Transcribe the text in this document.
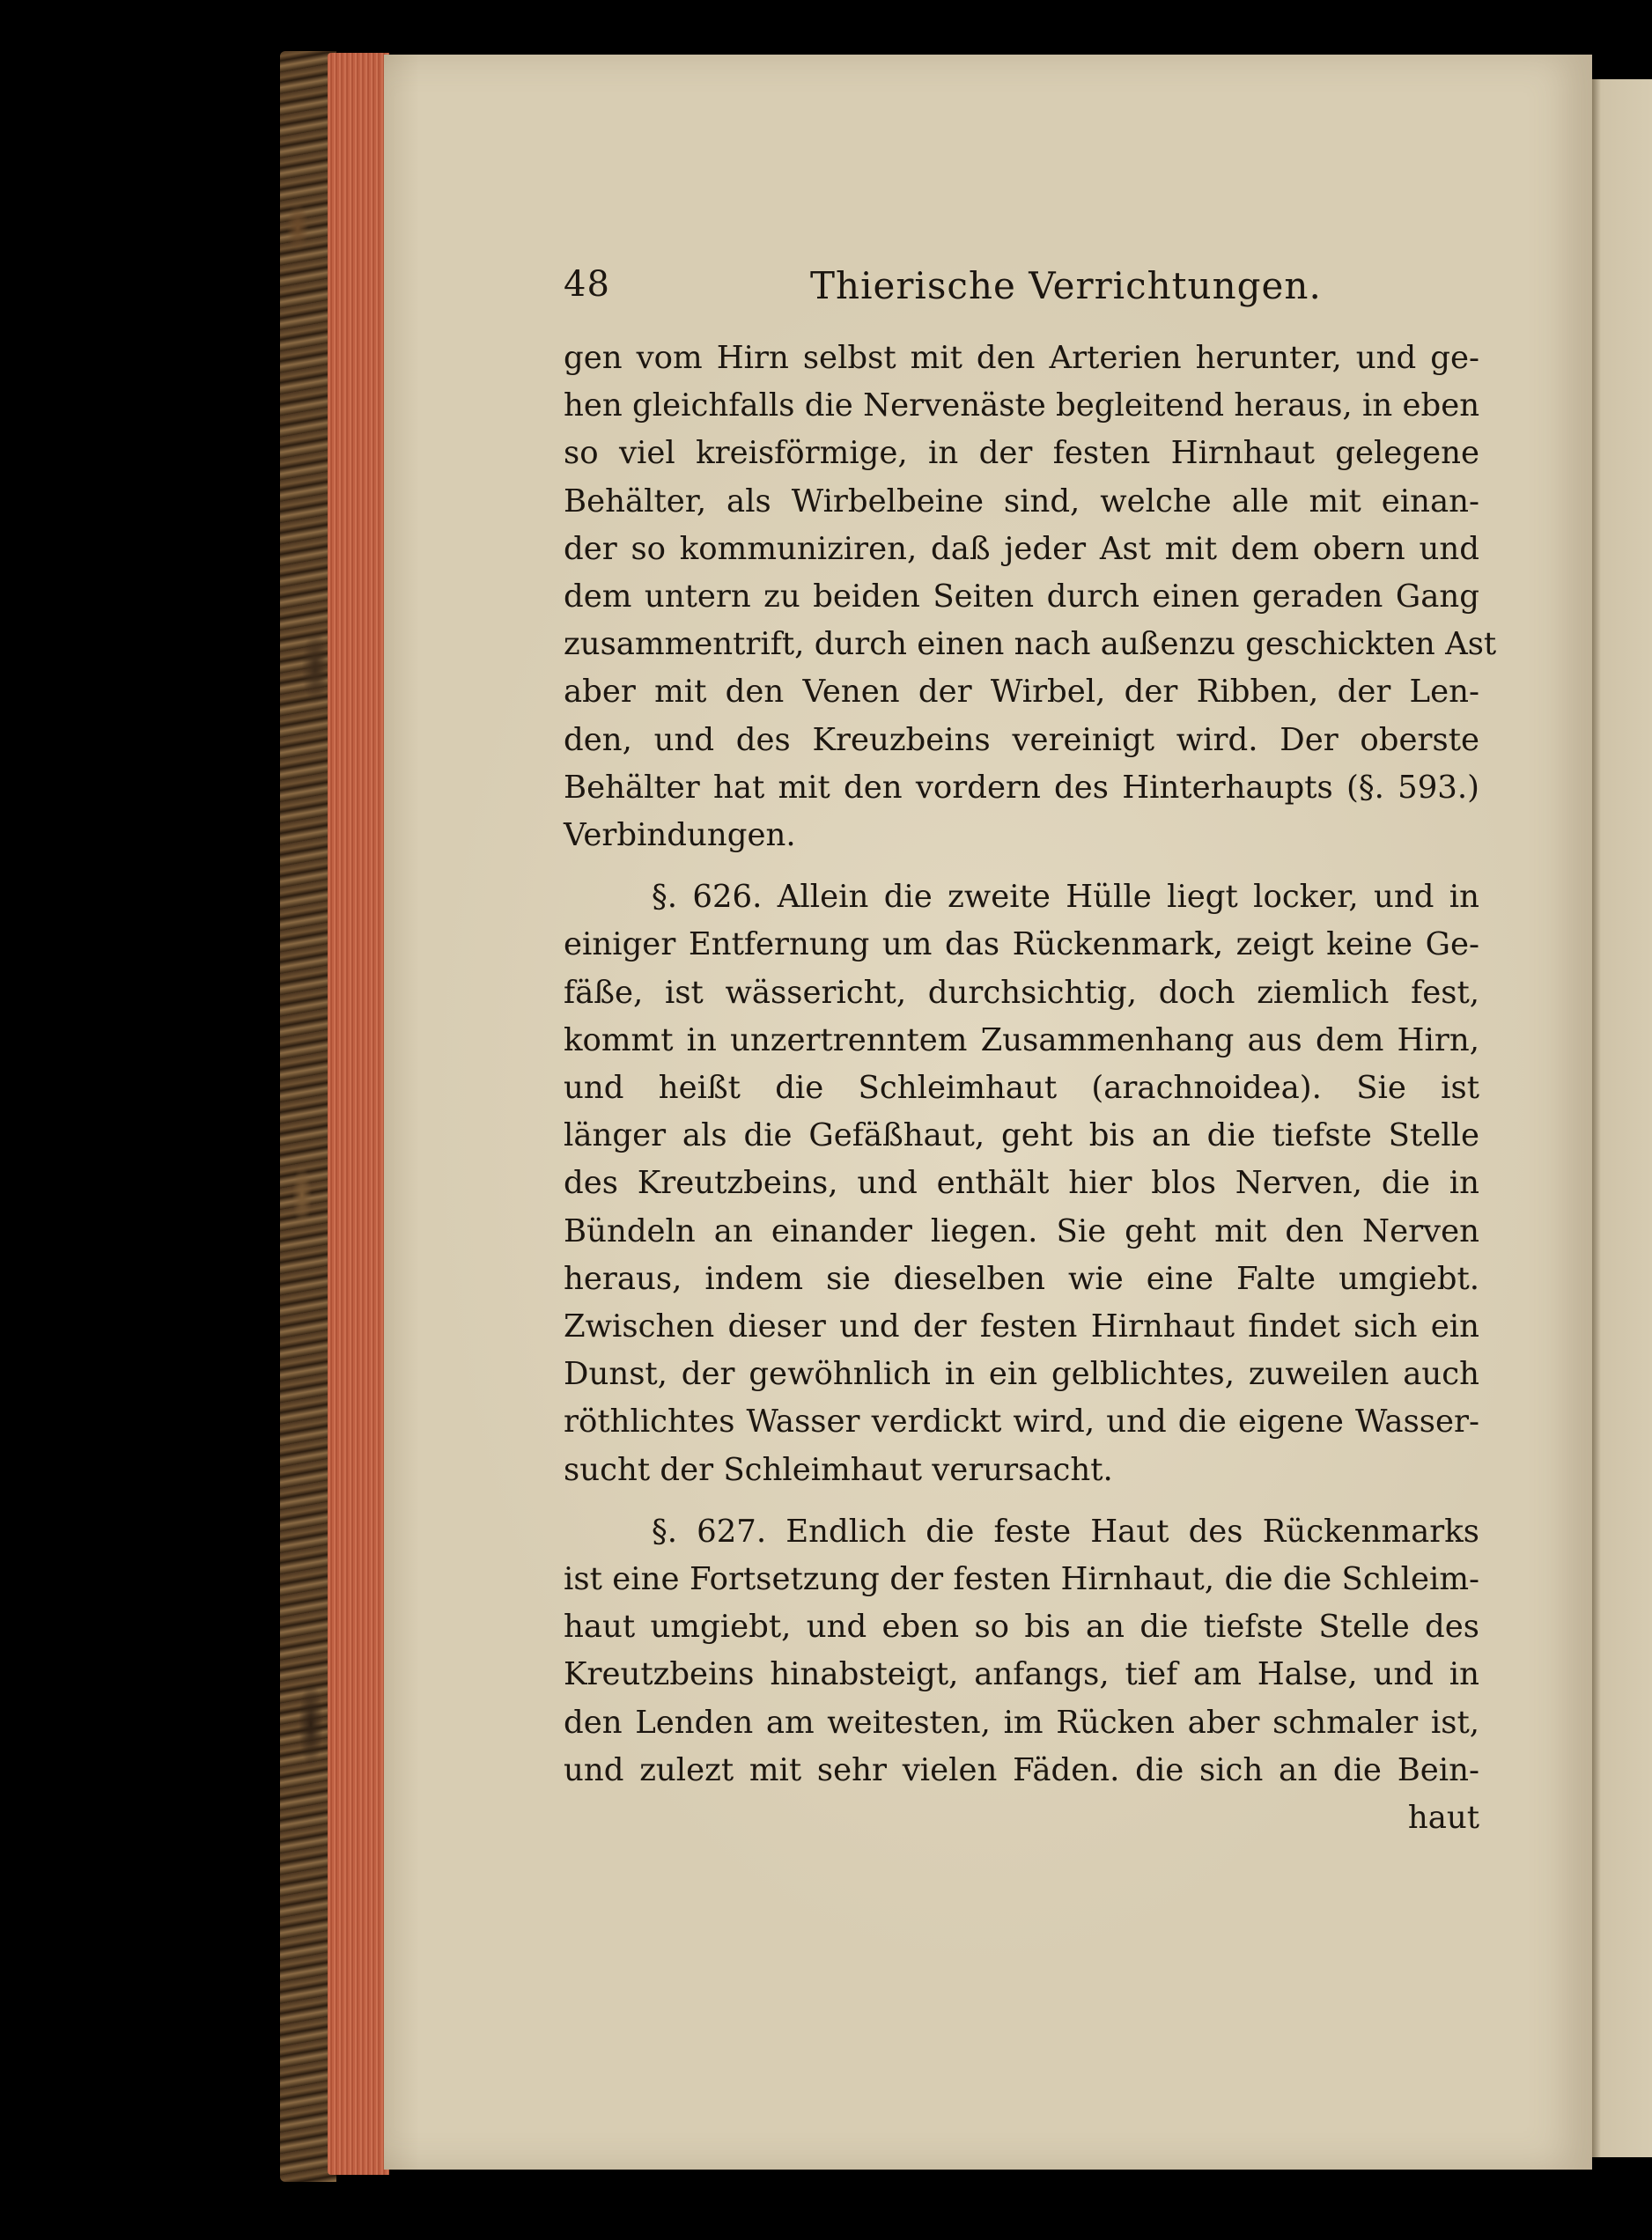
48	Thierische Verrichtungen.
gen vom Hirn selbst mit den Arterien herunter, und ge-
hen gleichfalls die Nervenäste begleitend heraus, in eben
so viel kreisförmige, in der festen Hirnhaut gelegene
Behälter, als Wirbelbeine sind, welche alle mit einan-
der so kommuniziren, daß jeder Ast mit dem obern und
dem untern zu beiden Seiten durch einen geraden Gang
zusammentrift, durch einen nach außenzu geschickten Ast
aber mit den Venen der Wirbel, der Ribben, der Len-
den, und des Kreuzbeins vereinigt wird. Der oberste
Behälter hat mit den vordern des Hinterhaupts (§. 593.)
Verbindungen.
§. 626. Allein die zweite Hülle liegt locker, und in
einiger Entfernung um das Rückenmark, zeigt keine Ge-
fäße, ist wässericht, durchsichtig, doch ziemlich fest,
kommt in unzertrenntem Zusammenhang aus dem Hirn,
und heißt die Schleimhaut (arachnoidea). Sie ist
länger als die Gefäßhaut, geht bis an die tiefste Stelle
des Kreutzbeins, und enthält hier blos Nerven, die in
Bündeln an einander liegen. Sie geht mit den Nerven
heraus, indem sie dieselben wie eine Falte umgiebt.
Zwischen dieser und der festen Hirnhaut findet sich ein
Dunst, der gewöhnlich in ein gelblichtes, zuweilen auch
röthlichtes Wasser verdickt wird, und die eigene Wasser-
sucht der Schleimhaut verursacht.
§. 627. Endlich die feste Haut des Rückenmarks
ist eine Fortsetzung der festen Hirnhaut, die die Schleim-
haut umgiebt, und eben so bis an die tiefste Stelle des
Kreutzbeins hinabsteigt, anfangs, tief am Halse, und in
den Lenden am weitesten, im Rücken aber schmaler ist,
und zulezt mit sehr vielen Fäden. die sich an die Bein-
haut
